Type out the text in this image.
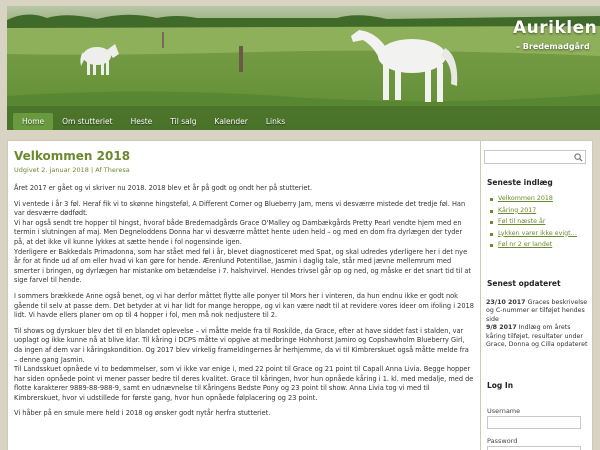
Auriklen
– Bredemadgård
Home	Om stutteriet	Heste	Til salg	Kalender	Links
Velkommen 2018
Udgivet 2. januar 2018 | Af Theresa

Året 2017 er gået og vi skriver nu 2018. 2018 blev et år på godt og ondt her på stutteriet.

Vi ventede i år 3 føl. Heraf fik vi to skønne hingsteføl, A Different Corner og Blueberry Jam, mens vi desværre mistede det tredje føl. Han var desværre dødfødt.
Vi har også sendt tre hopper til hingst, hvoraf både Bredemadgårds Grace O'Malley og Dambækgårds Pretty Pearl vendte hjem med en termin i slutningen af maj. Men Degneloddens Donna har vi desværre måttet hente uden held – og med en dom fra dyrlægen der tyder på, at det ikke vil kunne lykkes at sætte hende i fol nogensinde igen.
Yderligere er Bakkedals Primadonna, som har stået med føl i år, blevet diagnosticeret med Spat, og skal udredes yderligere her i det nye år for at finde ud af om eller hvad vi kan gøre for hende. Ærenlund Potentillae, Jasmin i daglig tale, står med jævne mellemrum med smerter i bringen, og dyrlægen har mistanke om betændelse i 7. halshvirvel. Hendes trivsel går op og ned, og måske er det snart tid til at sige farvel til hende.

I sommers brækkede Anne også benet, og vi har derfor måttet flytte alle ponyer til Mors her i vinteren, da hun endnu ikke er godt nok gående til selv at passe dem. Det betyder at vi har lidt for mange heroppe, og vi kan være nødt til at revidere vores ideer om ifoling i 2018 lidt. Vi havde ellers planer om op til 4 hopper i fol, men må nok nedjustere til 2.

Til shows og dyrskuer blev det til en blandet oplevelse – vi måtte melde fra til Roskilde, da Grace, efter at have siddet fast i stalden, var uoplagt og ikke kunne nå at blive klar. Til kåring i DCPS måtte vi opgive at medbringe Hohnhorst Jamiro og Copshawholm Blueberry Girl, da ingen af dem var i kåringskondition. Og 2017 blev virkelig frameldingernes år herhjemme, da vi til Kimbrerskuet også måtte melde fra – denne gang Jasmin.
Til Landsskuet opnåede vi to bedømmelser, som vi ikke var enige i, med 22 point til Grace og 21 point til Capall Anna Livia. Begge hopper har siden opnåede point vi mener passer bedre til deres kvalitet. Grace til kåringen, hvor hun opnåede kåring i 1. kl. med medalje, med de flotte karakterer 9889-88-988-9, samt en udnævnelse til Kåringens Bedste Pony og 23 point til show. Anna Livia tog vi med til Kimbrerskuet, hvor vi udstillede for første gang, hvor hun opnåede følplacering og 23 point.

Vi håber på en smule mere held i 2018 og ønsker godt nytår herfra stutteriet.

Seneste indlæg
Velkommen 2018
Kåring 2017
Føl til næste år
Lykken varer ikke evigt…
Føl nr 2 er landet
Senest opdateret
23/10 2017 Graces beskrivelse og C-nummer er tilføjet hendes side
9/8 2017 Indlæg om årets kåring tilføjet, resultater under Grace, Donna og Cilla opdateret
Log In
Username
Password
